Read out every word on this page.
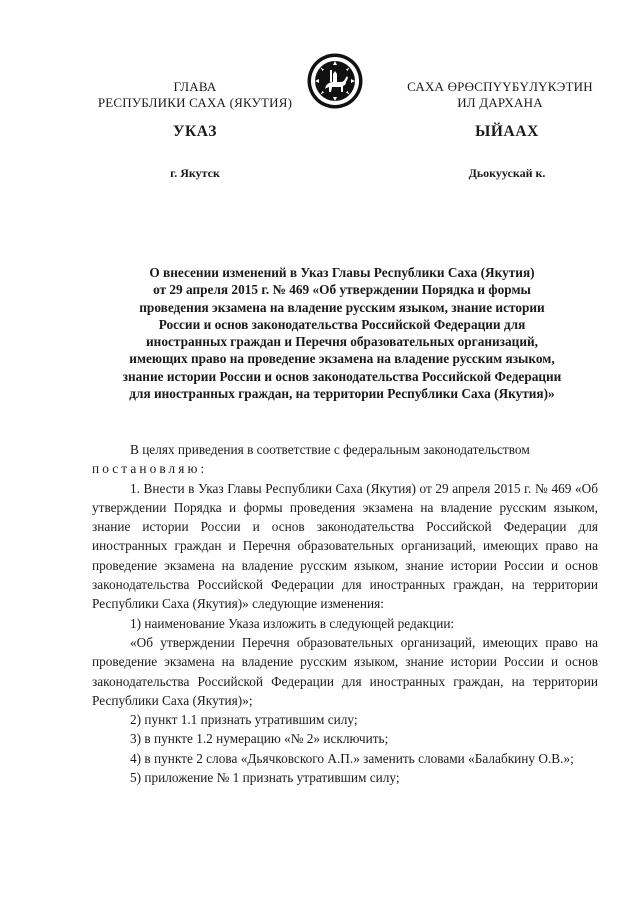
ГЛАВА
РЕСПУБЛИКИ САХА (ЯКУТИЯ)
САХА ӨРӨСПҮҮБҮЛҮКЭТИН
ИЛ ДАРХАНА
УКАЗ	ЫЙААХ
г. Якутск	Дьокуускай к.
О внесении изменений в Указ Главы Республики Саха (Якутия)
от 29 апреля 2015 г. № 469 «Об утверждении Порядка и формы
проведения экзамена на владение русским языком, знание истории
России и основ законодательства Российской Федерации для
иностранных граждан и Перечня образовательных организаций,
имеющих право на проведение экзамена на владение русским языком,
знание истории России и основ законодательства Российской Федерации
для иностранных граждан, на территории Республики Саха (Якутия)»

В целях приведения в соответствие с федеральным законодательством

постановляю:

1. Внести в Указ Главы Республики Саха (Якутия) от 29 апреля 2015 г. № 469 «Об утверждении Порядка и формы проведения экзамена на владение русским языком, знание истории России и основ законодательства Российской Федерации для иностранных граждан и Перечня образовательных организаций, имеющих право на проведение экзамена на владение русским языком, знание истории России и основ законодательства Российской Федерации для иностранных граждан, на территории Республики Саха (Якутия)» следующие изменения:

1) наименование Указа изложить в следующей редакции:

«Об утверждении Перечня образовательных организаций, имеющих право на проведение экзамена на владение русским языком, знание истории России и основ законодательства Российской Федерации для иностранных граждан, на территории Республики Саха (Якутия)»;

2) пункт 1.1 признать утратившим силу;

3) в пункте 1.2 нумерацию «№ 2» исключить;

4) в пункте 2 слова «Дьячковского А.П.» заменить словами «Балабкину О.В.»;

5) приложение № 1 признать утратившим силу;
